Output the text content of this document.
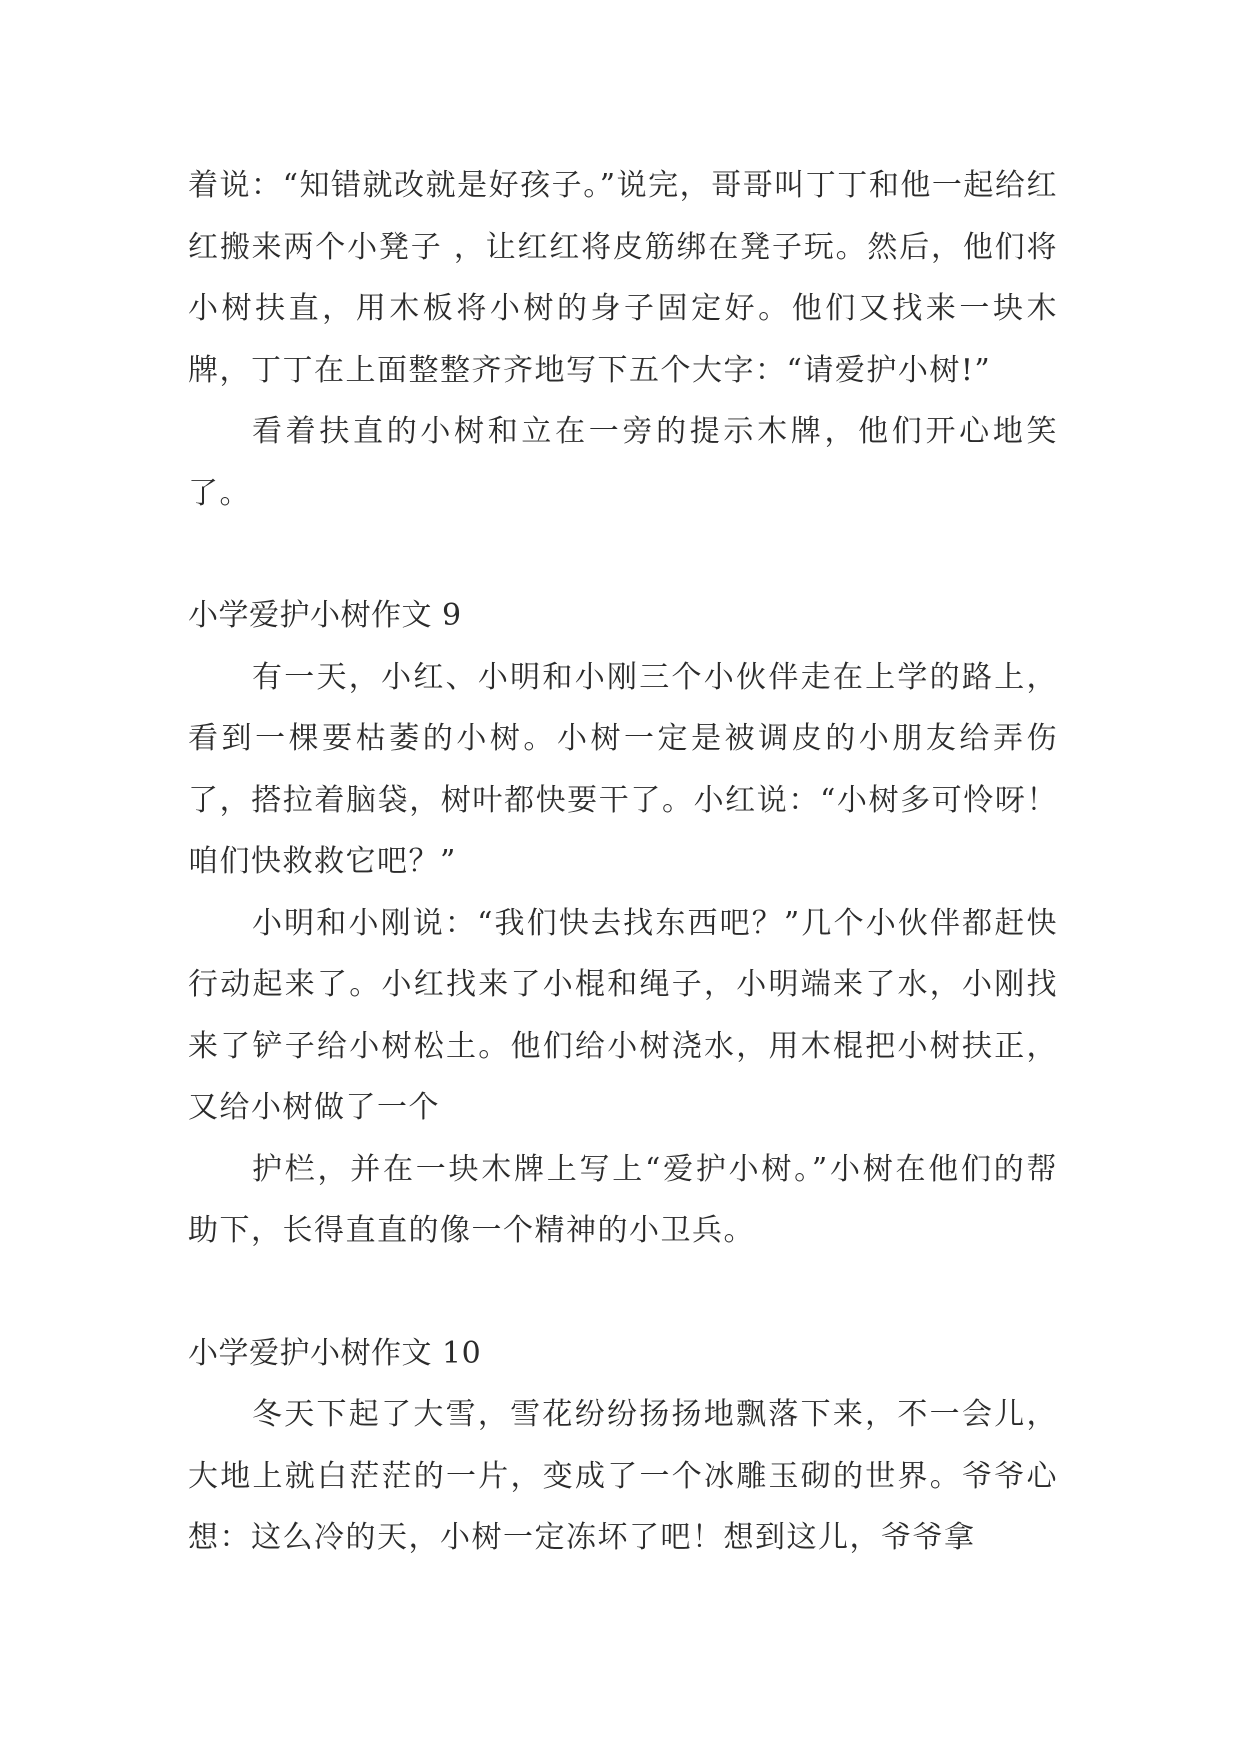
着说：“知错就改就是好孩子。”说完，哥哥叫丁丁和他一起给红红搬来两个小凳子 ，让红红将皮筋绑在凳子玩。然后，他们将小树扶直，用木板将小树的身子固定好。他们又找来一块木牌，丁丁在上面整整齐齐地写下五个大字：“请爱护小树!”

看着扶直的小树和立在一旁的提示木牌，他们开心地笑了。

小学爱护小树作文 9

有一天，小红、小明和小刚三个小伙伴走在上学的路上，看到一棵要枯萎的小树。小树一定是被调皮的小朋友给弄伤了，搭拉着脑袋，树叶都快要干了。小红说：“小树多可怜呀！咱们快救救它吧？”

小明和小刚说：“我们快去找东西吧？”几个小伙伴都赶快行动起来了。小红找来了小棍和绳子，小明端来了水，小刚找来了铲子给小树松土。他们给小树浇水，用木棍把小树扶正，又给小树做了一个

护栏，并在一块木牌上写上“爱护小树。”小树在他们的帮助下，长得直直的像一个精神的小卫兵。

小学爱护小树作文 10

冬天下起了大雪，雪花纷纷扬扬地飘落下来，不一会儿，大地上就白茫茫的一片，变成了一个冰雕玉砌的世界。爷爷心想：这么冷的天，小树一定冻坏了吧！想到这儿，爷爷拿
